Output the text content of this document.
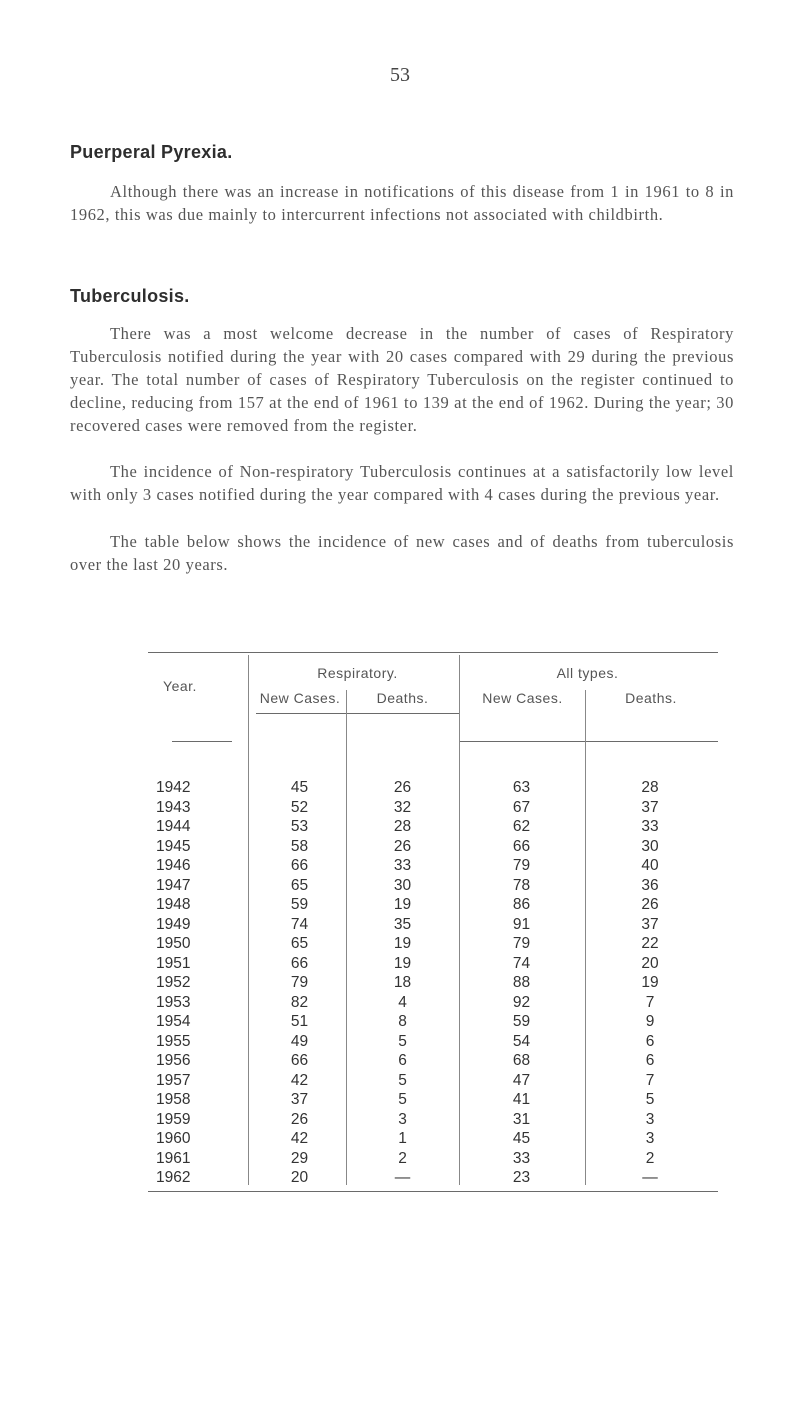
53
Puerperal Pyrexia.

Although there was an increase in notifications of this disease from 1 in 1961 to 8 in 1962, this was due mainly to intercurrent infections not associated with childbirth.

Tuberculosis.

There was a most welcome decrease in the number of cases of Respiratory Tuberculosis notified during the year with 20 cases compared with 29 during the previous year. The total number of cases of Respiratory Tuberculosis on the register continued to decline, reducing from 157 at the end of 1961 to 139 at the end of 1962. During the year; 30 recovered cases were removed from the register.

The incidence of Non-respiratory Tuberculosis continues at a satisfactorily low level with only 3 cases notified during the year compared with 4 cases during the previous year.

The table below shows the incidence of new cases and of deaths from tuberculosis over the last 20 years.

Year.
Respiratory.	All types.
New Cases.	Deaths.	New Cases.	Deaths.
1942	45	26	63	28
1943	52	32	67	37
1944	53	28	62	33
1945	58	26	66	30
1946	66	33	79	40
1947	65	30	78	36
1948	59	19	86	26
1949	74	35	91	37
1950	65	19	79	22
1951	66	19	74	20
1952	79	18	88	19
1953	82	4	92	7
1954	51	8	59	9
1955	49	5	54	6
1956	66	6	68	6
1957	42	5	47	7
1958	37	5	41	5
1959	26	3	31	3
1960	42	1	45	3
1961	29	2	33	2
1962	20	—	23	—
